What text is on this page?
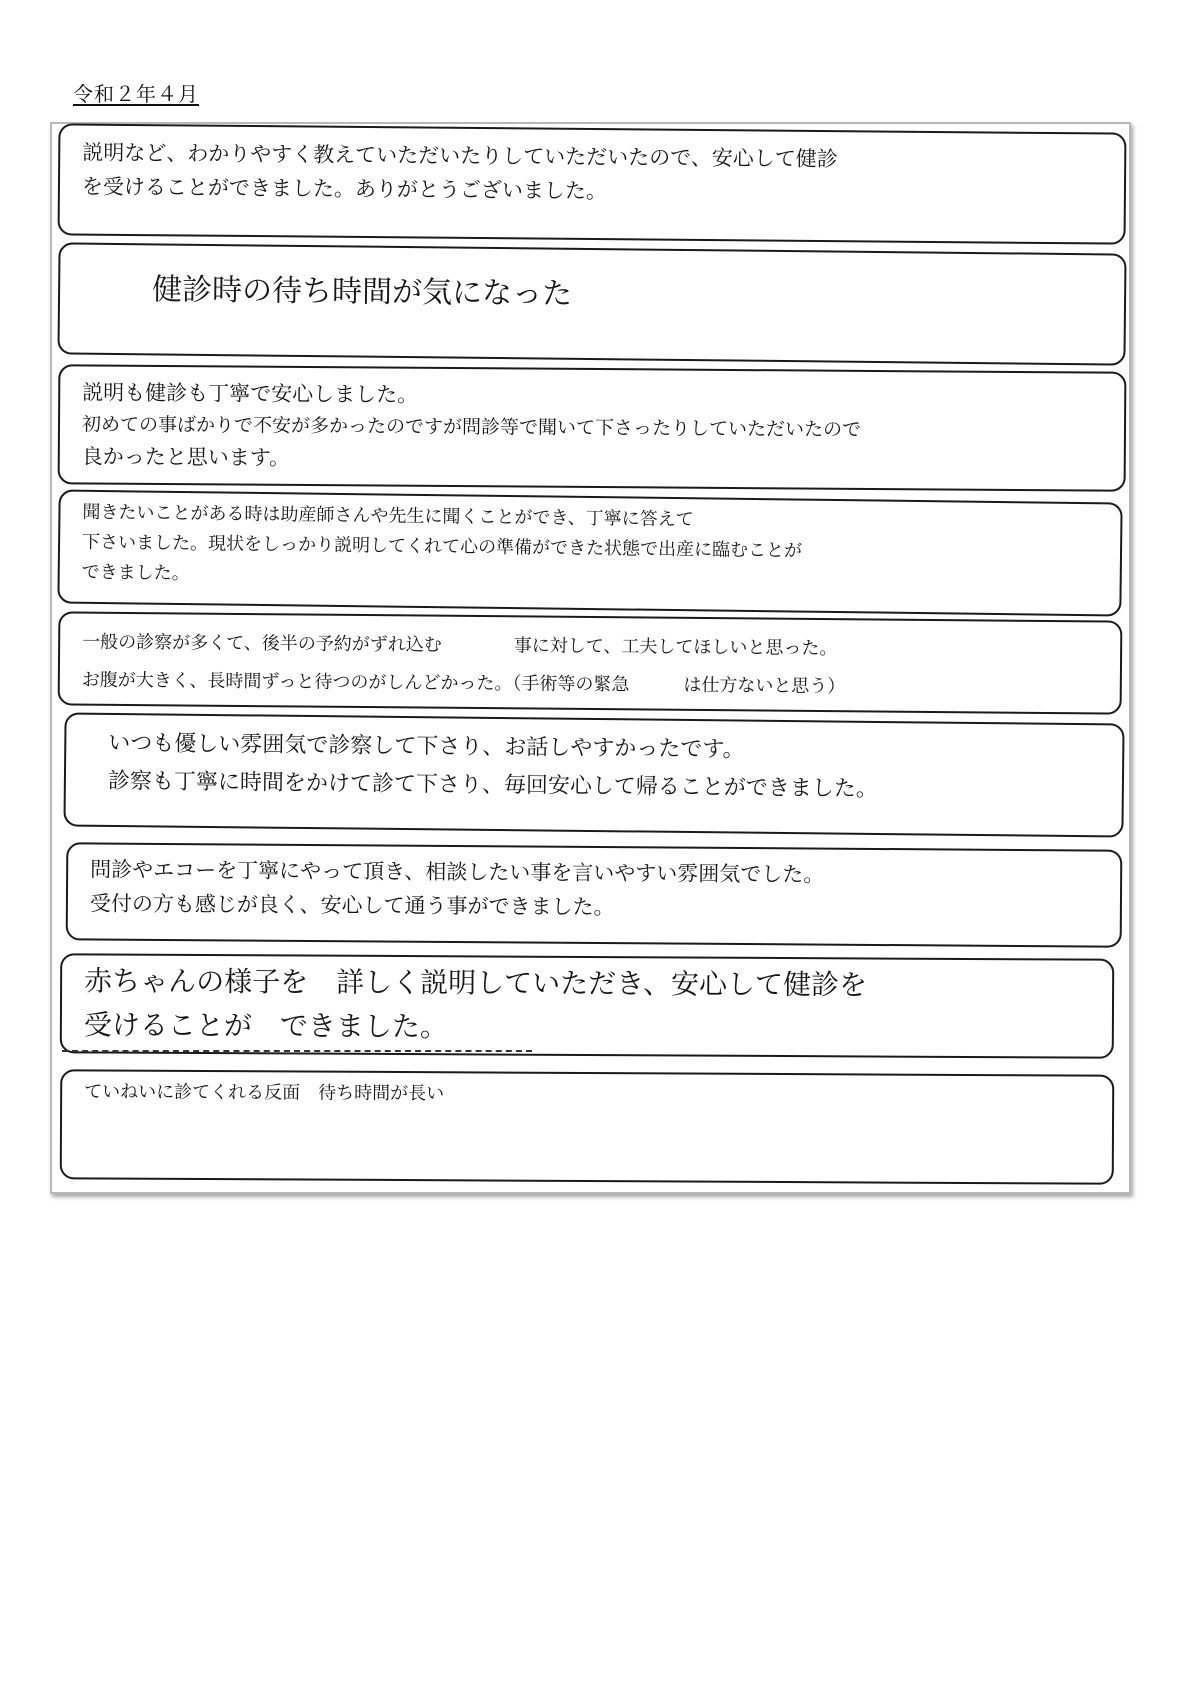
令和２年４月
説明など、わかりやすく教えていただいたりしていただいたので、安心して健診
を受けることができました。ありがとうございました。
健診時の待ち時間が気になった
説明も健診も丁寧で安心しました。
初めての事ばかりで不安が多かったのですが問診等で聞いて下さったりしていただいたので
良かったと思います。
聞きたいことがある時は助産師さんや先生に聞くことができ、丁寧に答えて
下さいました。現状をしっかり説明してくれて心の準備ができた状態で出産に臨むことが
できました。
一般の診察が多くて、後半の予約がずれ込む　　　　事に対して、工夫してほしいと思った。
お腹が大きく、長時間ずっと待つのがしんどかった。（手術等の緊急　　　は仕方ないと思う）
いつも優しい雰囲気で診察して下さり、お話しやすかったです。
診察も丁寧に時間をかけて診て下さり、毎回安心して帰ることができました。
問診やエコーを丁寧にやって頂き、相談したい事を言いやすい雰囲気でした。
受付の方も感じが良く、安心して通う事ができました。
赤ちゃんの様子を　詳しく説明していただき、安心して健診を
受けることが　できました。
ていねいに診てくれる反面　待ち時間が長い
